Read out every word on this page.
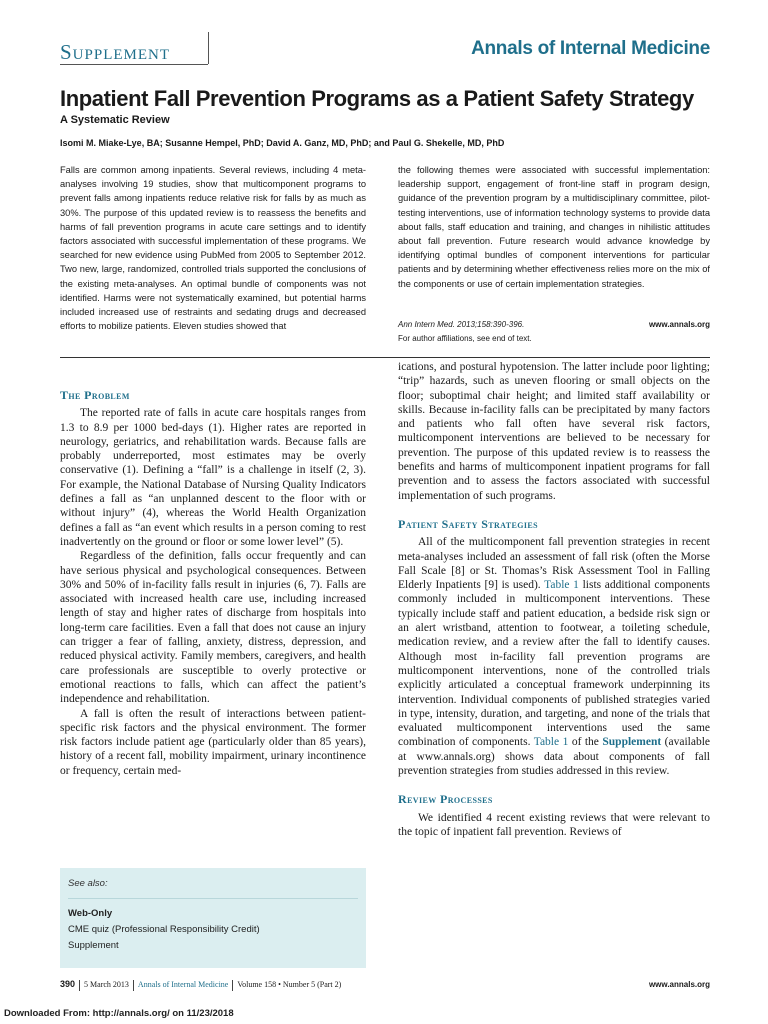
Supplement	Annals of Internal Medicine
Inpatient Fall Prevention Programs as a Patient Safety Strategy
A Systematic Review
Isomi M. Miake-Lye, BA; Susanne Hempel, PhD; David A. Ganz, MD, PhD; and Paul G. Shekelle, MD, PhD
Falls are common among inpatients. Several reviews, including 4 meta-analyses involving 19 studies, show that multicomponent programs to prevent falls among inpatients reduce relative risk for falls by as much as 30%. The purpose of this updated review is to reassess the benefits and harms of fall prevention programs in acute care settings and to identify factors associated with successful implementation of these programs. We searched for new evidence using PubMed from 2005 to September 2012. Two new, large, randomized, controlled trials supported the conclusions of the existing meta-analyses. An optimal bundle of components was not identified. Harms were not systematically examined, but potential harms included increased use of restraints and sedating drugs and decreased efforts to mobilize patients. Eleven studies showed that
the following themes were associated with successful implementation: leadership support, engagement of front-line staff in program design, guidance of the prevention program by a multidisciplinary committee, pilot-testing interventions, use of information technology systems to provide data about falls, staff education and training, and changes in nihilistic attitudes about fall prevention. Future research would advance knowledge by identifying optimal bundles of component interventions for particular patients and by determining whether effectiveness relies more on the mix of the components or use of certain implementation strategies.
Ann Intern Med. 2013;158:390-396.	www.annals.org
For author affiliations, see end of text.
The Problem

The reported rate of falls in acute care hospitals ranges from 1.3 to 8.9 per 1000 bed-days (1). Higher rates are reported in neurology, geriatrics, and rehabilitation wards. Because falls are probably underreported, most estimates may be overly conservative (1). Defining a “fall” is a challenge in itself (2, 3). For example, the National Database of Nursing Quality Indicators defines a fall as “an unplanned descent to the floor with or without injury” (4), whereas the World Health Organization defines a fall as “an event which results in a person coming to rest inadvertently on the ground or floor or some lower level” (5).

Regardless of the definition, falls occur frequently and can have serious physical and psychological consequences. Between 30% and 50% of in-facility falls result in injuries (6, 7). Falls are associated with increased health care use, including increased length of stay and higher rates of discharge from hospitals into long-term care facilities. Even a fall that does not cause an injury can trigger a fear of falling, anxiety, distress, depression, and reduced physical activity. Family members, caregivers, and health care professionals are susceptible to overly protective or emotional reactions to falls, which can affect the patient’s independence and rehabilitation.

A fall is often the result of interactions between patient-specific risk factors and the physical environment. The former risk factors include patient age (particularly older than 85 years), history of a recent fall, mobility impairment, urinary incontinence or frequency, certain med-

See also:
Web-Only
CME quiz (Professional Responsibility Credit)
Supplement

ications, and postural hypotension. The latter include poor lighting; “trip” hazards, such as uneven flooring or small objects on the floor; suboptimal chair height; and limited staff availability or skills. Because in-facility falls can be precipitated by many factors and patients who fall often have several risk factors, multicomponent interventions are believed to be necessary for prevention. The purpose of this updated review is to reassess the benefits and harms of multicomponent inpatient programs for fall prevention and to assess the factors associated with successful implementation of such programs.

Patient Safety Strategies

All of the multicomponent fall prevention strategies in recent meta-analyses included an assessment of fall risk (often the Morse Fall Scale [8] or St. Thomas’s Risk Assessment Tool in Falling Elderly Inpatients [9] is used). Table 1 lists additional components commonly included in multicomponent interventions. These typically include staff and patient education, a bedside risk sign or an alert wristband, attention to footwear, a toileting schedule, medication review, and a review after the fall to identify causes. Although most in-facility fall prevention programs are multicomponent interventions, none of the controlled trials explicitly articulated a conceptual framework underpinning its intervention. Individual components of published strategies varied in type, intensity, duration, and targeting, and none of the trials that evaluated multicomponent interventions used the same combination of components. Table 1 of the Supplement (available at www.annals.org) shows data about components of fall prevention strategies from studies addressed in this review.

Review Processes

We identified 4 recent existing reviews that were relevant to the topic of inpatient fall prevention. Reviews of

390 5 March 2013 Annals of Internal Medicine Volume 158 • Number 5 (Part 2)	www.annals.org
Downloaded From: http://annals.org/ on 11/23/2018
